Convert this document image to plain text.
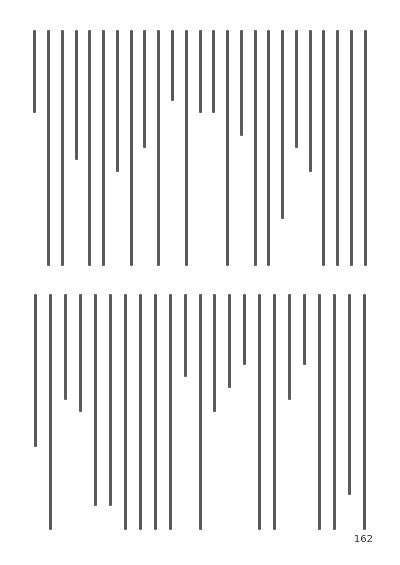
162
